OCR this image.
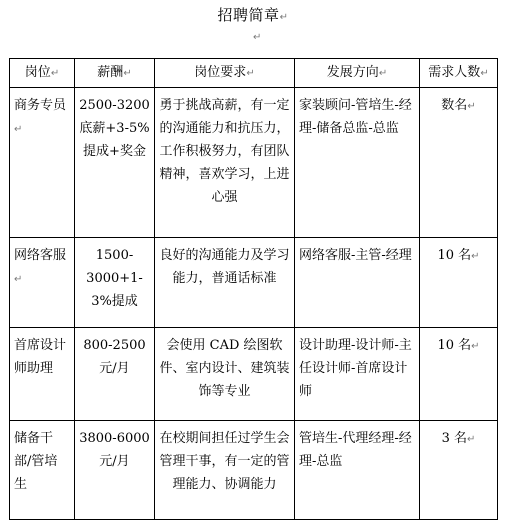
招聘简章↵
↵
岗位↵	薪酬↵	岗位要求↵	发展方向↵	需求人数↵
商务专员↵	2500-3200底薪+3-5%提成+奖金	勇于挑战高薪，有一定的沟通能力和抗压力，工作积极努力，有团队精神，喜欢学习，上进心强	家装顾问-管培生-经理-储备总监-总监	数名↵
网络客服↵	1500-3000+1-3%提成	良好的沟通能力及学习能力，普通话标准	网络客服-主管-经理	10 名↵
首席设计师助理	800-2500元/月	会使用 CAD 绘图软件、室内设计、建筑装饰等专业	设计助理-设计师-主任设计师-首席设计师	10 名↵
储备干部/管培生	3800-6000元/月	在校期间担任过学生会管理干事，有一定的管理能力、协调能力	管培生-代理经理-经理-总监	3 名↵
